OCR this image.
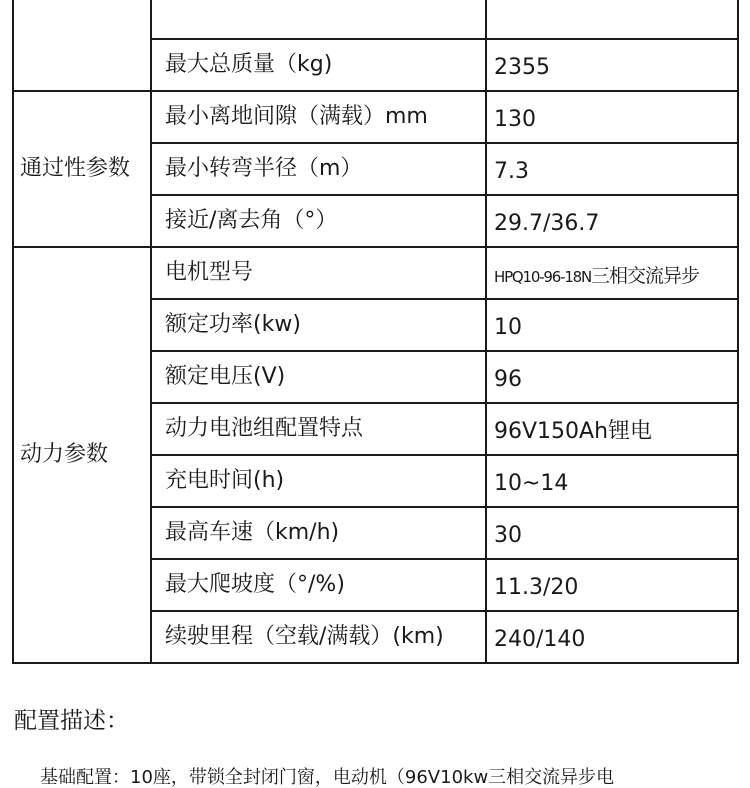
	最大总质量（kg)	2355
通过性参数	最小离地间隙（满载）mm	130
	最小转弯半径（m）	7.3
	接近/离去角（°）	29.7/36.7
动力参数	电机型号	HPQ10-96-18N三相交流异步
	额定功率(kw)	10
	额定电压(V)	96
	动力电池组配置特点	96V150Ah锂电
	充电时间(h)	10~14
	最高车速（km/h)	30
	最大爬坡度（°/%)	11.3/20
	续驶里程（空载/满载）(km)	240/140
配置描述：

基础配置：10座，带锁全封闭门窗，电动机（96V10kw三相交流异步电
